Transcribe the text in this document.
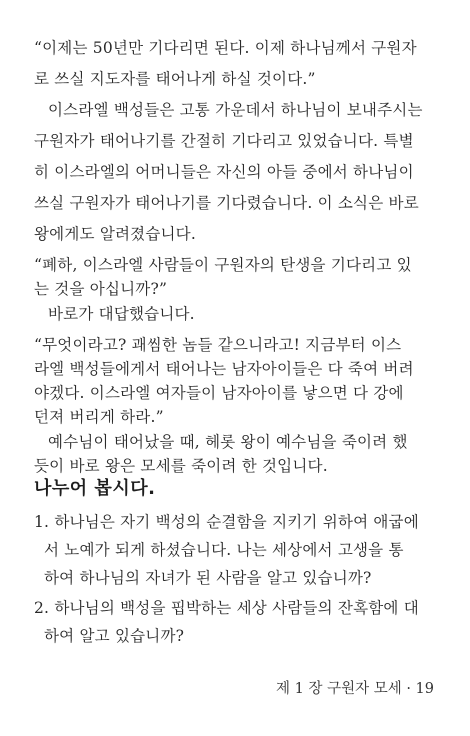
“이제는 50년만 기다리면 된다. 이제 하나님께서 구원자
로 쓰실 지도자를 태어나게 하실 것이다.”
이스라엘 백성들은 고통 가운데서 하나님이 보내주시는
구원자가 태어나기를 간절히 기다리고 있었습니다. 특별
히 이스라엘의 어머니들은 자신의 아들 중에서 하나님이
쓰실 구원자가 태어나기를 기다렸습니다. 이 소식은 바로
왕에게도 알려졌습니다.
“폐하, 이스라엘 사람들이 구원자의 탄생을 기다리고 있
는 것을 아십니까?”
바로가 대답했습니다.
“무엇이라고? 괘씸한 놈들 같으니라고! 지금부터 이스
라엘 백성들에게서 태어나는 남자아이들은 다 죽여 버려
야겠다. 이스라엘 여자들이 남자아이를 낳으면 다 강에
던져 버리게 하라.”
예수님이 태어났을 때, 헤롯 왕이 예수님을 죽이려 했
듯이 바로 왕은 모세를 죽이려 한 것입니다.
나누어 봅시다.
1. 하나님은 자기 백성의 순결함을 지키기 위하여 애굽에
서 노예가 되게 하셨습니다. 나는 세상에서 고생을 통
하여 하나님의 자녀가 된 사람을 알고 있습니까?
2. 하나님의 백성을 핍박하는 세상 사람들의 잔혹함에 대
하여 알고 있습니까?
제 1 장 구원자 모세 · 19
